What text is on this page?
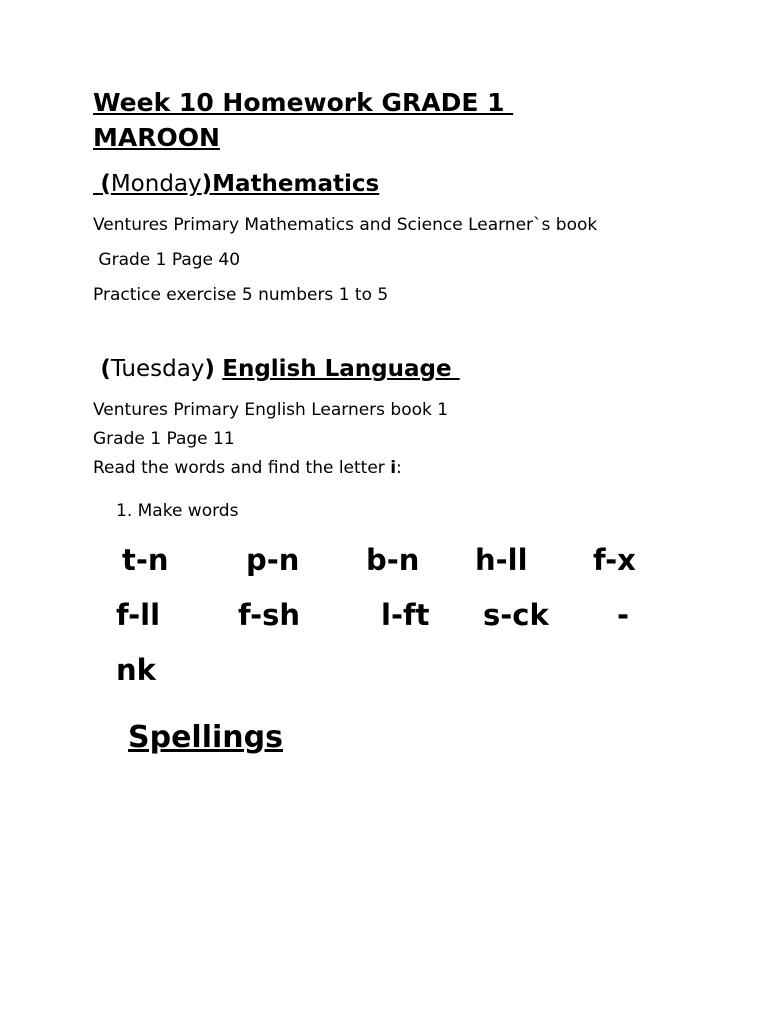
Week 10 Homework GRADE 1
MAROON
(Monday)Mathematics
Ventures Primary Mathematics and Science Learner`s book
Grade 1 Page 40
Practice exercise 5 numbers 1 to 5
(Tuesday) English Language
Ventures Primary English Learners book 1
Grade 1 Page 11
Read the words and find the letter i:
1. Make words
t-n	p-n b-n h-ll f-x
f-ll	f-sh	l-ft s-ck -
nk
Spellings
